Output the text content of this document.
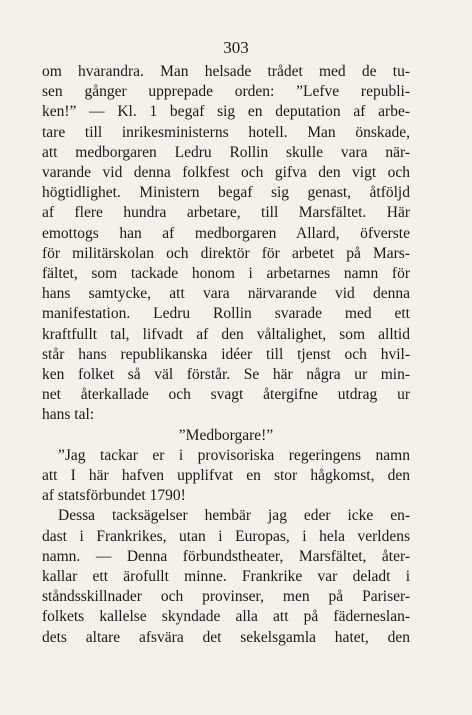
303
om hvarandra. Man helsade trådet med de tu-
sen gånger upprepade orden: ”Lefve republi-
ken!” — Kl. 1 begaf sig en deputation af arbe-
tare till inrikesministerns hotell. Man önskade,
att medborgaren Ledru Rollin skulle vara när-
varande vid denna folkfest och gifva den vigt och
högtidlighet. Ministern begaf sig genast, åtföljd
af flere hundra arbetare, till Marsfältet. Här
emottogs han af medborgaren Allard, öfverste
för militärskolan och direktör för arbetet på Mars-
fältet, som tackade honom i arbetarnes namn för
hans samtycke, att vara närvarande vid denna
manifestation. Ledru Rollin svarade med ett
kraftfullt tal, lifvadt af den våltalighet, som alltid
står hans republikanska idéer till tjenst och hvil-
ken folket så väl förstår. Se här några ur min-
net återkallade och svagt återgifne utdrag ur
hans tal:
”Medborgare!”
”Jag tackar er i provisoriska regeringens namn
att I här hafven upplifvat en stor hågkomst, den
af statsförbundet 1790!
Dessa tacksägelser hembär jag eder icke en-
dast i Frankrikes, utan i Europas, i hela verldens
namn. — Denna förbundstheater, Marsfältet, åter-
kallar ett ärofullt minne. Frankrike var deladt i
ståndsskillnader och provinser, men på Pariser-
folkets kallelse skyndade alla att på fäderneslan-
dets altare afsvära det sekelsgamla hatet, den
